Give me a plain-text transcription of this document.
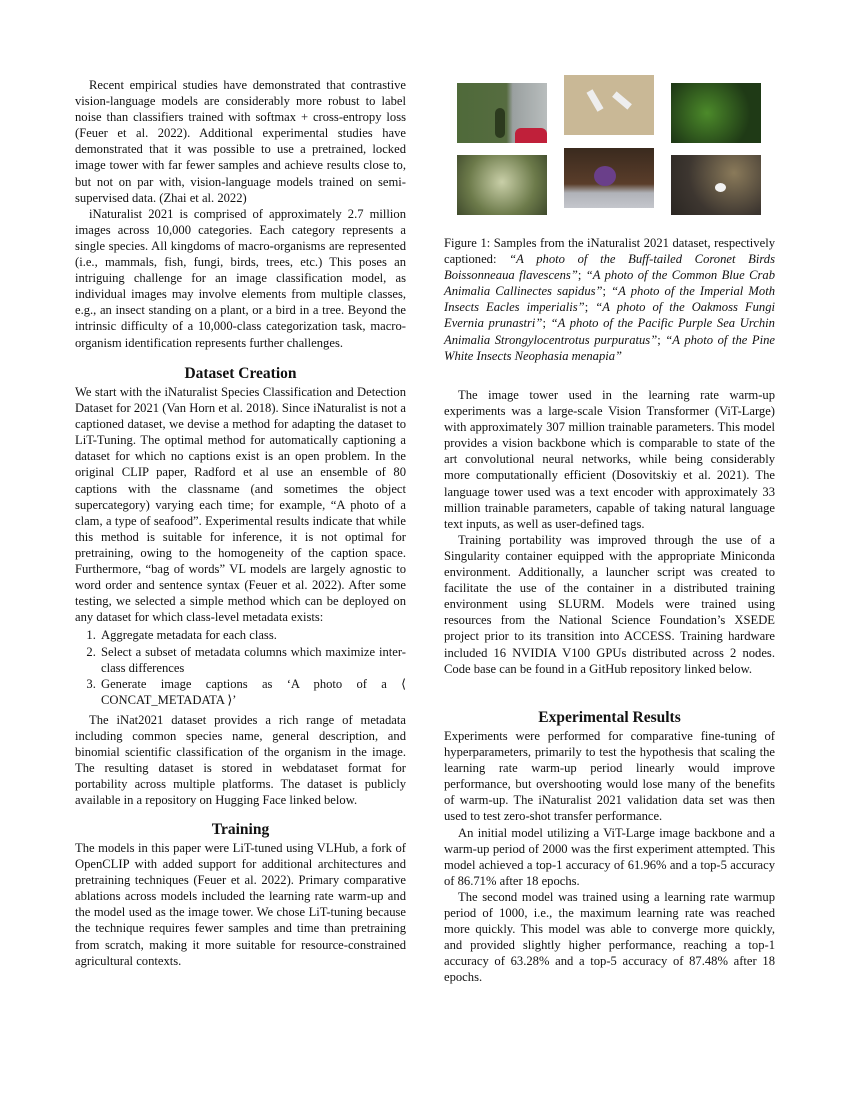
Recent empirical studies have demonstrated that contrastive vision-language models are considerably more robust to label noise than classifiers trained with softmax + cross-entropy loss (Feuer et al. 2022). Additional experimental studies have demonstrated that it was possible to use a pretrained, locked image tower with far fewer samples and achieve results close to, but not on par with, vision-language models trained on semi-supervised data. (Zhai et al. 2022)

iNaturalist 2021 is comprised of approximately 2.7 million images across 10,000 categories. Each category represents a single species. All kingdoms of macro-organisms are represented (i.e., mammals, fish, fungi, birds, trees, etc.) This poses an intriguing challenge for an image classification model, as individual images may involve elements from multiple classes, e.g., an insect standing on a plant, or a bird in a tree. Beyond the intrinsic difficulty of a 10,000-class categorization task, macro-organism identification represents further challenges.

Dataset Creation

We start with the iNaturalist Species Classification and Detection Dataset for 2021 (Van Horn et al. 2018). Since iNaturalist is not a captioned dataset, we devise a method for adapting the dataset to LiT-Tuning. The optimal method for automatically captioning a dataset for which no captions exist is an open problem. In the original CLIP paper, Radford et al use an ensemble of 80 captions with the classname (and sometimes the object supercategory) varying each time; for example, “A photo of a clam, a type of seafood”. Experimental results indicate that while this method is suitable for inference, it is not optimal for pretraining, owing to the homogeneity of the caption space. Furthermore, “bag of words” VL models are largely agnostic to word order and sentence syntax (Feuer et al. 2022). After some testing, we selected a simple method which can be deployed on any dataset for which class-level metadata exists:

1. Aggregate metadata for each class.
2. Select a subset of metadata columns which maximize inter-class differences
3. Generate image captions as ‘A photo of a ⟨ CONCAT_METADATA ⟩’

The iNat2021 dataset provides a rich range of metadata including common species name, general description, and binomial scientific classification of the organism in the image. The resulting dataset is stored in webdataset format for portability across multiple platforms. The dataset is publicly available in a repository on Hugging Face linked below.

Training

The models in this paper were LiT-tuned using VLHub, a fork of OpenCLIP with added support for additional architectures and pretraining techniques (Feuer et al. 2022). Primary comparative ablations across models included the learning rate warm-up and the model used as the image tower. We chose LiT-tuning because the technique requires fewer samples and time than pretraining from scratch, making it more suitable for resource-constrained agricultural contexts.

Figure 1: Samples from the iNaturalist 2021 dataset, respectively captioned: “A photo of the Buff-tailed Coronet Birds Boissonneaua flavescens”; “A photo of the Common Blue Crab Animalia Callinectes sapidus”; “A photo of the Imperial Moth Insects Eacles imperialis”; “A photo of the Oakmoss Fungi Evernia prunastri”; “A photo of the Pacific Purple Sea Urchin Animalia Strongylocentrotus purpuratus”; “A photo of the Pine White Insects Neophasia menapia”

The image tower used in the learning rate warm-up experiments was a large-scale Vision Transformer (ViT-Large) with approximately 307 million trainable parameters. This model provides a vision backbone which is comparable to state of the art convolutional neural networks, while being considerably more computationally efficient (Dosovitskiy et al. 2021). The language tower used was a text encoder with approximately 33 million trainable parameters, capable of taking natural language text inputs, as well as user-defined tags.

Training portability was improved through the use of a Singularity container equipped with the appropriate Miniconda environment. Additionally, a launcher script was created to facilitate the use of the container in a distributed training environment using SLURM. Models were trained using resources from the National Science Foundation’s XSEDE project prior to its transition into ACCESS. Training hardware included 16 NVIDIA V100 GPUs distributed across 2 nodes. Code base can be found in a GitHub repository linked below.

Experimental Results

Experiments were performed for comparative fine-tuning of hyperparameters, primarily to test the hypothesis that scaling the learning rate warm-up period linearly would improve performance, but overshooting would lose many of the benefits of warm-up. The iNaturalist 2021 validation data set was then used to test zero-shot transfer performance.

An initial model utilizing a ViT-Large image backbone and a warm-up period of 2000 was the first experiment attempted. This model achieved a top-1 accuracy of 61.96% and a top-5 accuracy of 86.71% after 18 epochs.

The second model was trained using a learning rate warmup period of 1000, i.e., the maximum learning rate was reached more quickly. This model was able to converge more quickly, and provided slightly higher performance, reaching a top-1 accuracy of 63.28% and a top-5 accuracy of 87.48% after 18 epochs.
